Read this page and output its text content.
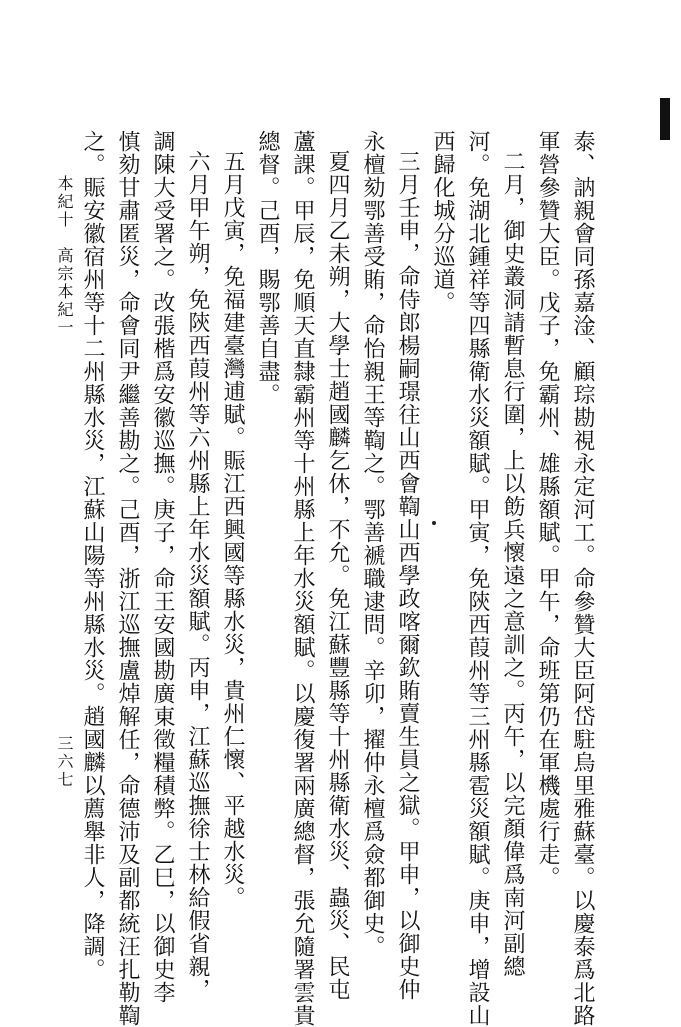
泰、訥親會同孫嘉淦、顧琮勘視永定河工。命參贊大臣阿岱駐烏里雅蘇臺。以慶泰爲北路
軍營參贊大臣。戊子，免霸州、雄縣額賦。甲午，命班第仍在軍機處行走。
二月，御史叢洞請暫息行圍，上以飭兵懷遠之意訓之。丙午，以完顏偉爲南河副總
河。免湖北鍾祥等四縣衛水災額賦。甲寅，免陝西葭州等三州縣雹災額賦。庚申，增設山
西歸化城分巡道。
三月壬申，命侍郎楊嗣璟往山西會鞫山西學政喀爾欽賄賣生員之獄。甲申，以御史仲
永檀劾鄂善受賄，命怡親王等鞫之。鄂善褫職逮問。辛卯，擢仲永檀爲僉都御史。
夏四月乙未朔，大學士趙國麟乞休，不允。免江蘇豐縣等十州縣衛水災、蟲災、民屯
蘆課。甲辰，免順天直隸霸州等十州縣上年水災額賦。以慶復署兩廣總督，張允隨署雲貴
總督。己酉，賜鄂善自盡。
五月戊寅，免福建臺灣逋賦。賑江西興國等縣水災，貴州仁懷、平越水災。
六月甲午朔，免陝西葭州等六州縣上年水災額賦。丙申，江蘇巡撫徐士林給假省親，
調陳大受署之。改張楷爲安徽巡撫。庚子，命王安國勘廣東徵糧積弊。乙巳，以御史李
慎劾甘肅匿災，命會同尹繼善勘之。己酉，浙江巡撫盧焯解任，命德沛及副都統汪扎勒鞫
之。賑安徽宿州等十二州縣水災，江蘇山陽等州縣水災。趙國麟以薦舉非人，降調。
本紀十　高宗本紀一
三六七
